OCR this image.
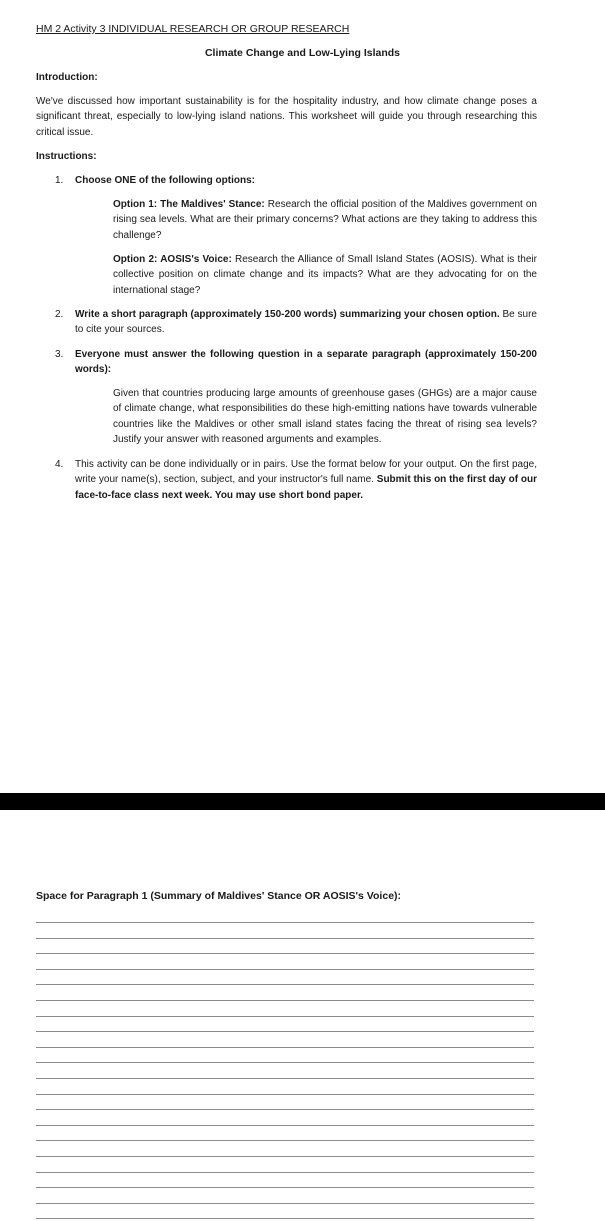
HM 2 Activity 3 INDIVIDUAL RESEARCH OR GROUP RESEARCH
Climate Change and Low-Lying Islands
Introduction:
We've discussed how important sustainability is for the hospitality industry, and how climate change poses a significant threat, especially to low-lying island nations. This worksheet will guide you through researching this critical issue.
Instructions:
1. Choose ONE of the following options:
Option 1: The Maldives' Stance: Research the official position of the Maldives government on rising sea levels. What are their primary concerns? What actions are they taking to address this challenge?
Option 2: AOSIS's Voice: Research the Alliance of Small Island States (AOSIS). What is their collective position on climate change and its impacts? What are they advocating for on the international stage?
2. Write a short paragraph (approximately 150-200 words) summarizing your chosen option. Be sure to cite your sources.
3. Everyone must answer the following question in a separate paragraph (approximately 150-200 words):
Given that countries producing large amounts of greenhouse gases (GHGs) are a major cause of climate change, what responsibilities do these high-emitting nations have towards vulnerable countries like the Maldives or other small island states facing the threat of rising sea levels? Justify your answer with reasoned arguments and examples.
4. This activity can be done individually or in pairs. Use the format below for your output. On the first page, write your name(s), section, subject, and your instructor's full name. Submit this on the first day of our face-to-face class next week. You may use short bond paper.
Space for Paragraph 1 (Summary of Maldives' Stance OR AOSIS's Voice):
